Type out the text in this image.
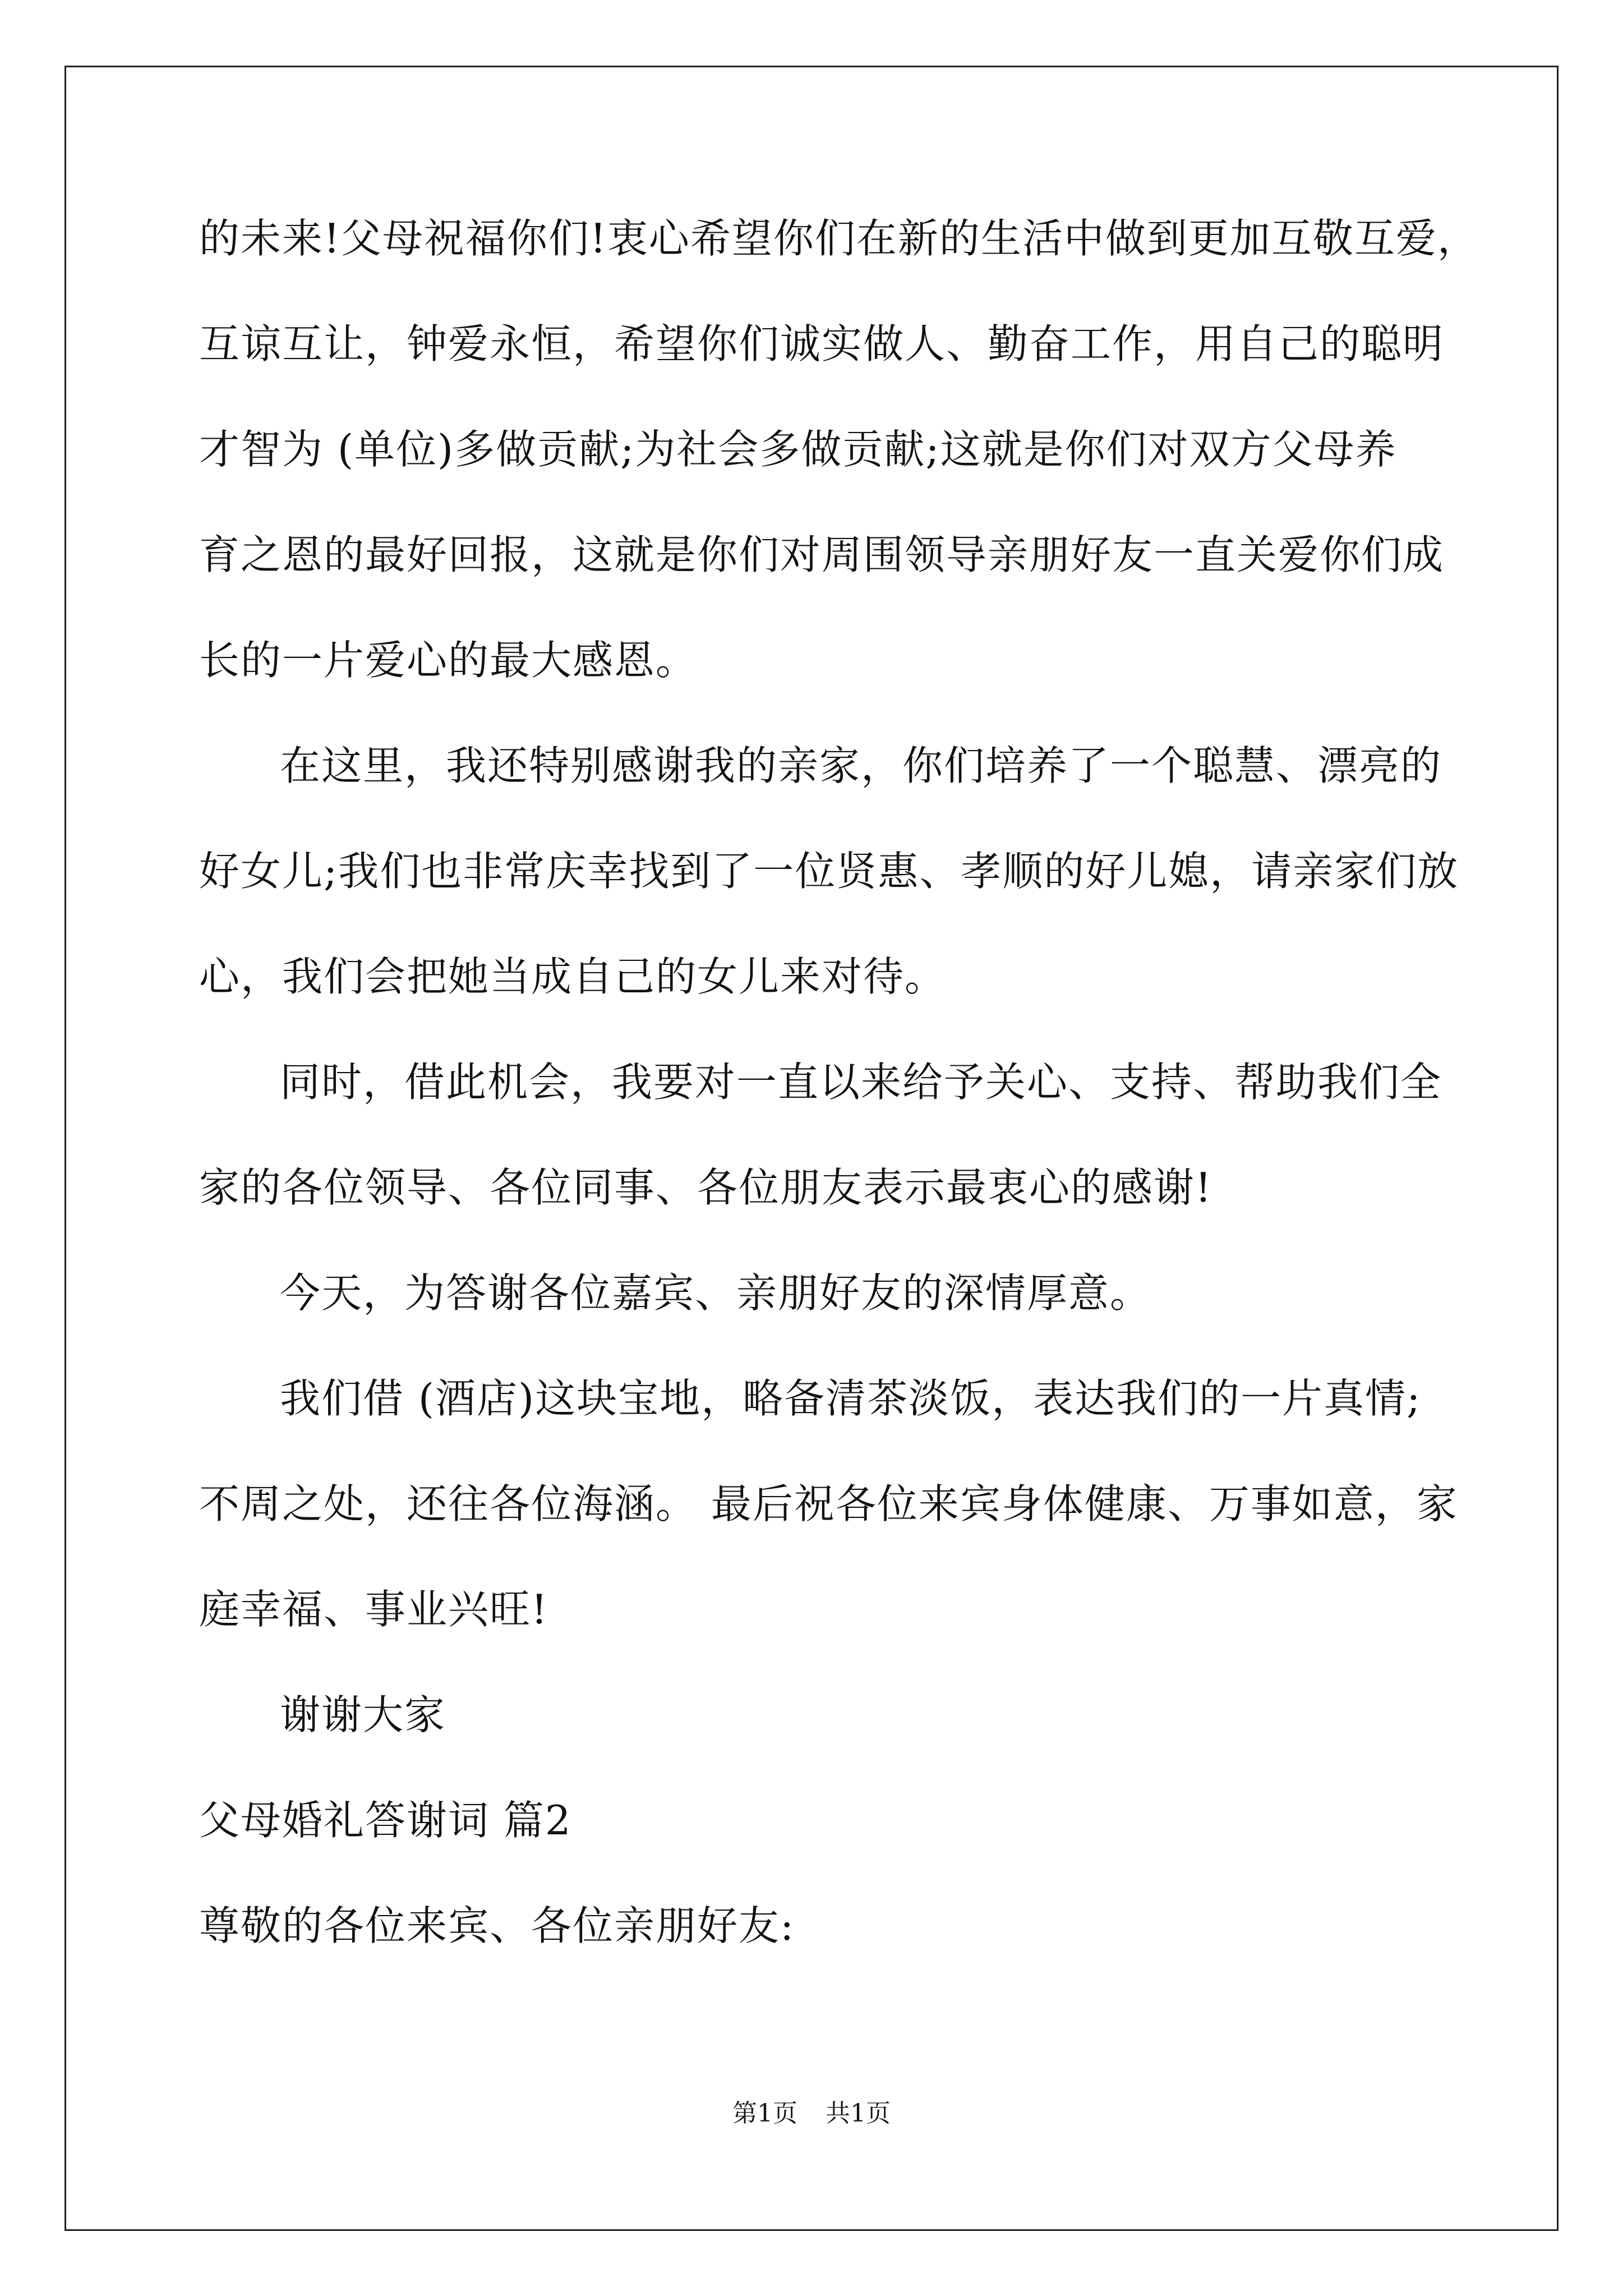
的未来!父母祝福你们!衷心希望你们在新的生活中做到更加互敬互爱，
互谅互让，钟爱永恒，希望你们诚实做人、勤奋工作，用自己的聪明
才智为 (单位)多做贡献;为社会多做贡献;这就是你们对双方父母养
育之恩的最好回报，这就是你们对周围领导亲朋好友一直关爱你们成
长的一片爱心的最大感恩。
在这里，我还特别感谢我的亲家，你们培养了一个聪慧、漂亮的
好女儿;我们也非常庆幸找到了一位贤惠、孝顺的好儿媳，请亲家们放
心，我们会把她当成自己的女儿来对待。
同时，借此机会，我要对一直以来给予关心、支持、帮助我们全
家的各位领导、各位同事、各位朋友表示最衷心的感谢!
今天，为答谢各位嘉宾、亲朋好友的深情厚意。
我们借 (酒店)这块宝地，略备清茶淡饭，表达我们的一片真情;
不周之处，还往各位海涵。 最后祝各位来宾身体健康、万事如意，家
庭幸福、事业兴旺!
谢谢大家
父母婚礼答谢词 篇2
尊敬的各位来宾、各位亲朋好友:
第1页 共1页
